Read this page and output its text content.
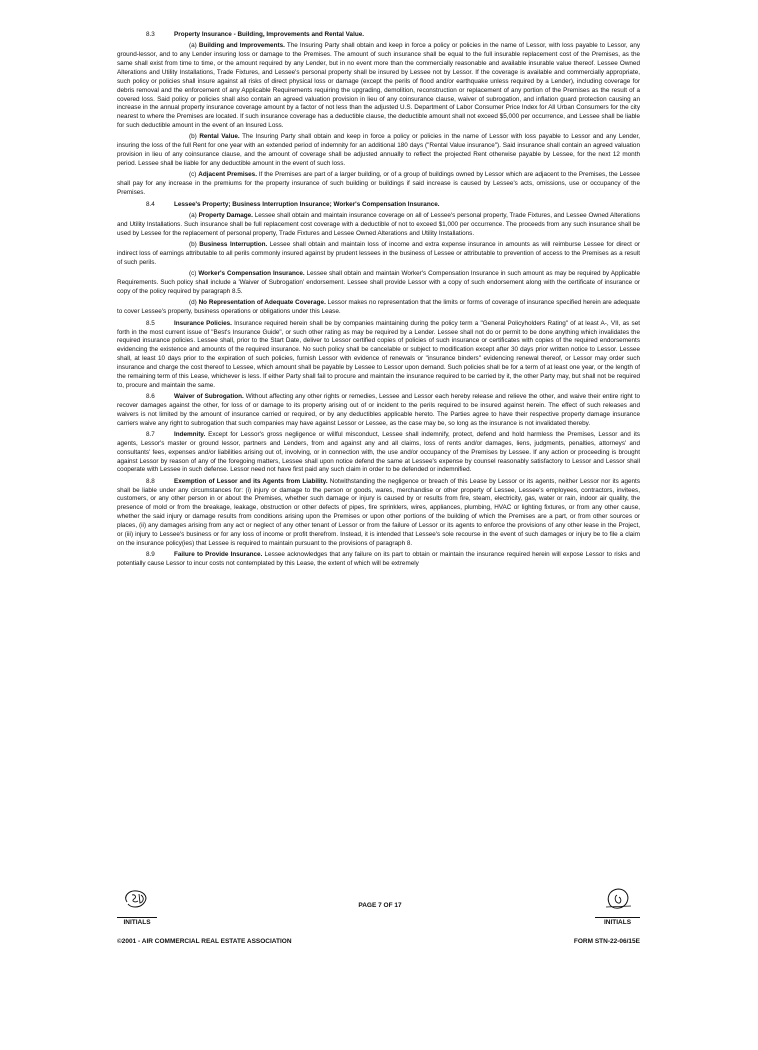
8.3	Property Insurance - Building, Improvements and Rental Value.

(a) Building and Improvements. The Insuring Party shall obtain and keep in force a policy or policies in the name of Lessor, with loss payable to Lessor, any ground-lessor, and to any Lender insuring loss or damage to the Premises. The amount of such insurance shall be equal to the full insurable replacement cost of the Premises, as the same shall exist from time to time, or the amount required by any Lender, but in no event more than the commercially reasonable and available insurable value thereof. Lessee Owned Alterations and Utility Installations, Trade Fixtures, and Lessee's personal property shall be insured by Lessee not by Lessor. If the coverage is available and commercially appropriate, such policy or policies shall insure against all risks of direct physical loss or damage (except the perils of flood and/or earthquake unless required by a Lender), including coverage for debris removal and the enforcement of any Applicable Requirements requiring the upgrading, demolition, reconstruction or replacement of any portion of the Premises as the result of a covered loss. Said policy or policies shall also contain an agreed valuation provision in lieu of any coinsurance clause, waiver of subrogation, and inflation guard protection causing an increase in the annual property insurance coverage amount by a factor of not less than the adjusted U.S. Department of Labor Consumer Price Index for All Urban Consumers for the city nearest to where the Premises are located. If such insurance coverage has a deductible clause, the deductible amount shall not exceed $5,000 per occurrence, and Lessee shall be liable for such deductible amount in the event of an Insured Loss.

(b) Rental Value. The Insuring Party shall obtain and keep in force a policy or policies in the name of Lessor with loss payable to Lessor and any Lender, insuring the loss of the full Rent for one year with an extended period of indemnity for an additional 180 days ("Rental Value insurance"). Said insurance shall contain an agreed valuation provision in lieu of any coinsurance clause, and the amount of coverage shall be adjusted annually to reflect the projected Rent otherwise payable by Lessee, for the next 12 month period. Lessee shall be liable for any deductible amount in the event of such loss.

(c) Adjacent Premises. If the Premises are part of a larger building, or of a group of buildings owned by Lessor which are adjacent to the Premises, the Lessee shall pay for any increase in the premiums for the property insurance of such building or buildings if said increase is caused by Lessee's acts, omissions, use or occupancy of the Premises.

8.4	Lessee's Property; Business Interruption Insurance; Worker's Compensation Insurance.

(a) Property Damage. Lessee shall obtain and maintain insurance coverage on all of Lessee's personal property, Trade Fixtures, and Lessee Owned Alterations and Utility Installations. Such insurance shall be full replacement cost coverage with a deductible of not to exceed $1,000 per occurrence. The proceeds from any such insurance shall be used by Lessee for the replacement of personal property, Trade Fixtures and Lessee Owned Alterations and Utility Installations.

(b) Business Interruption. Lessee shall obtain and maintain loss of income and extra expense insurance in amounts as will reimburse Lessee for direct or indirect loss of earnings attributable to all perils commonly insured against by prudent lessees in the business of Lessee or attributable to prevention of access to the Premises as a result of such perils.

(c) Worker's Compensation Insurance. Lessee shall obtain and maintain Worker's Compensation Insurance in such amount as may be required by Applicable Requirements. Such policy shall include a 'Waiver of Subrogation' endorsement. Lessee shall provide Lessor with a copy of such endorsement along with the certificate of insurance or copy of the policy required by paragraph 8.5.

(d) No Representation of Adequate Coverage. Lessor makes no representation that the limits or forms of coverage of insurance specified herein are adequate to cover Lessee's property, business operations or obligations under this Lease.

8.5	Insurance Policies. Insurance required herein shall be by companies maintaining during the policy term a "General Policyholders Rating" of at least A-, VII, as set forth in the most current issue of "Best's Insurance Guide", or such other rating as may be required by a Lender. Lessee shall not do or permit to be done anything which invalidates the required insurance policies. Lessee shall, prior to the Start Date, deliver to Lessor certified copies of policies of such insurance or certificates with copies of the required endorsements evidencing the existence and amounts of the required insurance. No such policy shall be cancelable or subject to modification except after 30 days prior written notice to Lessor. Lessee shall, at least 10 days prior to the expiration of such policies, furnish Lessor with evidence of renewals or "insurance binders" evidencing renewal thereof, or Lessor may order such insurance and charge the cost thereof to Lessee, which amount shall be payable by Lessee to Lessor upon demand. Such policies shall be for a term of at least one year, or the length of the remaining term of this Lease, whichever is less. If either Party shall fail to procure and maintain the insurance required to be carried by it, the other Party may, but shall not be required to, procure and maintain the same.

8.6	Waiver of Subrogation. Without affecting any other rights or remedies, Lessee and Lessor each hereby release and relieve the other, and waive their entire right to recover damages against the other, for loss of or damage to its property arising out of or incident to the perils required to be insured against herein. The effect of such releases and waivers is not limited by the amount of insurance carried or required, or by any deductibles applicable hereto. The Parties agree to have their respective property damage insurance carriers waive any right to subrogation that such companies may have against Lessor or Lessee, as the case may be, so long as the insurance is not invalidated thereby.

8.7	Indemnity. Except for Lessor's gross negligence or willful misconduct, Lessee shall indemnify, protect, defend and hold harmless the Premises, Lessor and its agents, Lessor's master or ground lessor, partners and Lenders, from and against any and all claims, loss of rents and/or damages, liens, judgments, penalties, attorneys' and consultants' fees, expenses and/or liabilities arising out of, involving, or in connection with, the use and/or occupancy of the Premises by Lessee. If any action or proceeding is brought against Lessor by reason of any of the foregoing matters, Lessee shall upon notice defend the same at Lessee's expense by counsel reasonably satisfactory to Lessor and Lessor shall cooperate with Lessee in such defense. Lessor need not have first paid any such claim in order to be defended or indemnified.

8.8	Exemption of Lessor and its Agents from Liability. Notwithstanding the negligence or breach of this Lease by Lessor or its agents, neither Lessor nor its agents shall be liable under any circumstances for: (i) injury or damage to the person or goods, wares, merchandise or other property of Lessee, Lessee's employees, contractors, invitees, customers, or any other person in or about the Premises, whether such damage or injury is caused by or results from fire, steam, electricity, gas, water or rain, indoor air quality, the presence of mold or from the breakage, leakage, obstruction or other defects of pipes, fire sprinklers, wires, appliances, plumbing, HVAC or lighting fixtures, or from any other cause, whether the said injury or damage results from conditions arising upon the Premises or upon other portions of the building of which the Premises are a part, or from other sources or places, (ii) any damages arising from any act or neglect of any other tenant of Lessor or from the failure of Lessor or its agents to enforce the provisions of any other lease in the Project, or (iii) injury to Lessee's business or for any loss of income or profit therefrom. Instead, it is intended that Lessee's sole recourse in the event of such damages or injury be to file a claim on the insurance policy(ies) that Lessee is required to maintain pursuant to the provisions of paragraph 8.

8.9	Failure to Provide Insurance. Lessee acknowledges that any failure on its part to obtain or maintain the insurance required herein will expose Lessor to risks and potentially cause Lessor to incur costs not contemplated by this Lease, the extent of which will be extremely

INITIALS
PAGE 7 OF 17
INITIALS
©2001 - AIR COMMERCIAL REAL ESTATE ASSOCIATION	FORM STN-22-06/15E
